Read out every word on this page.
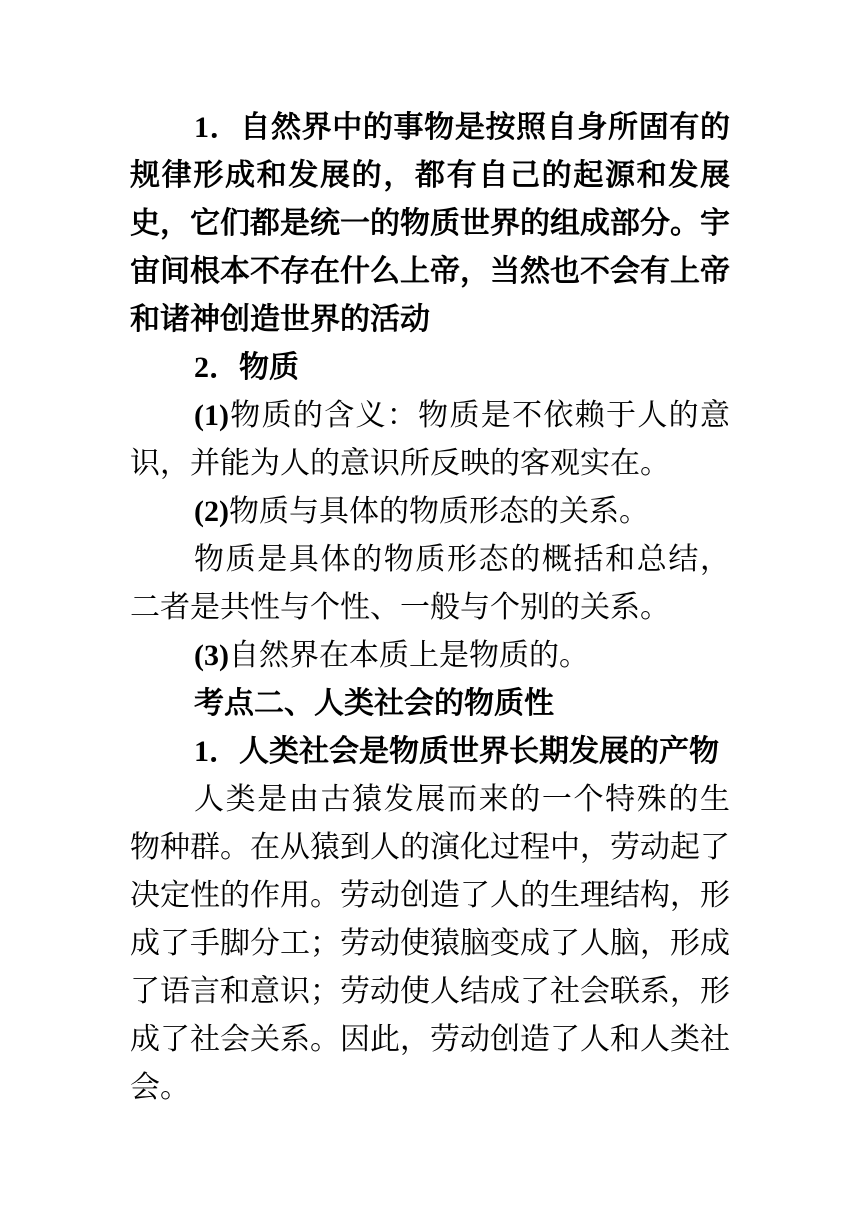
1．自然界中的事物是按照自身所固有的规律形成和发展的，都有自己的起源和发展史，它们都是统一的物质世界的组成部分。宇宙间根本不存在什么上帝，当然也不会有上帝和诸神创造世界的活动

2．物质

(1)物质的含义：物质是不依赖于人的意识，并能为人的意识所反映的客观实在。

(2)物质与具体的物质形态的关系。

物质是具体的物质形态的概括和总结，二者是共性与个性、一般与个别的关系。

(3)自然界在本质上是物质的。

考点二、人类社会的物质性

1．人类社会是物质世界长期发展的产物

人类是由古猿发展而来的一个特殊的生物种群。在从猿到人的演化过程中，劳动起了决定性的作用。劳动创造了人的生理结构，形成了手脚分工；劳动使猿脑变成了人脑，形成了语言和意识；劳动使人结成了社会联系，形成了社会关系。因此，劳动创造了人和人类社会。
